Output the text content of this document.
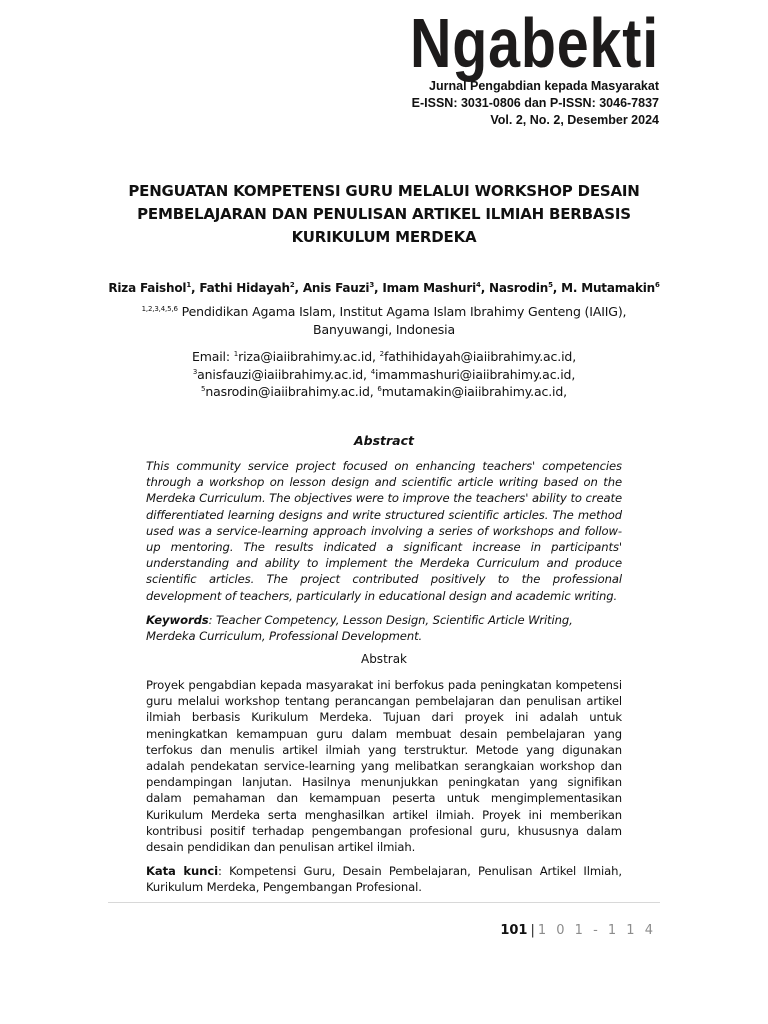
Ngabekti
Jurnal Pengabdian kepada Masyarakat
E-ISSN: 3031-0806 dan P-ISSN: 3046-7837
Vol. 2, No. 2, Desember 2024
PENGUATAN KOMPETENSI GURU MELALUI WORKSHOP DESAIN
PEMBELAJARAN DAN PENULISAN ARTIKEL ILMIAH BERBASIS
KURIKULUM MERDEKA
Riza Faishol$^1$, Fathi Hidayah$^2$, Anis Fauzi$^3$, Imam Mashuri$^4$, Nasrodin$^5$, M. Mutamakin$^6$
$^{1,2,3,4,5,6}$ Pendidikan Agama Islam, Institut Agama Islam Ibrahimy Genteng (IAIIG),
Banyuwangi, Indonesia
Email: $^1$riza@iaiibrahimy.ac.id, $^2$fathihidayah@iaiibrahimy.ac.id,
$^3$anisfauzi@iaiibrahimy.ac.id, $^4$imammashuri@iaiibrahimy.ac.id,
$^5$nasrodin@iaiibrahimy.ac.id, $^6$mutamakin@iaiibrahimy.ac.id,
Abstract
This community service project focused on enhancing teachers' competencies through a workshop on lesson design and scientific article writing based on the Merdeka Curriculum. The objectives were to improve the teachers' ability to create differentiated learning designs and write structured scientific articles. The method used was a service-learning approach involving a series of workshops and follow-up mentoring. The results indicated a significant increase in participants' understanding and ability to implement the Merdeka Curriculum and produce scientific articles. The project contributed positively to the professional development of teachers, particularly in educational design and academic writing.
Keywords: Teacher Competency, Lesson Design, Scientific Article Writing, Merdeka Curriculum, Professional Development.
Abstrak
Proyek pengabdian kepada masyarakat ini berfokus pada peningkatan kompetensi guru melalui workshop tentang perancangan pembelajaran dan penulisan artikel ilmiah berbasis Kurikulum Merdeka. Tujuan dari proyek ini adalah untuk meningkatkan kemampuan guru dalam membuat desain pembelajaran yang terfokus dan menulis artikel ilmiah yang terstruktur. Metode yang digunakan adalah pendekatan service-learning yang melibatkan serangkaian workshop dan pendampingan lanjutan. Hasilnya menunjukkan peningkatan yang signifikan dalam pemahaman dan kemampuan peserta untuk mengimplementasikan Kurikulum Merdeka serta menghasilkan artikel ilmiah. Proyek ini memberikan kontribusi positif terhadap pengembangan profesional guru, khususnya dalam desain pendidikan dan penulisan artikel ilmiah.
Kata kunci: Kompetensi Guru, Desain Pembelajaran, Penulisan Artikel Ilmiah, Kurikulum Merdeka, Pengembangan Profesional.
101 | 1 0 1 - 1 1 4
